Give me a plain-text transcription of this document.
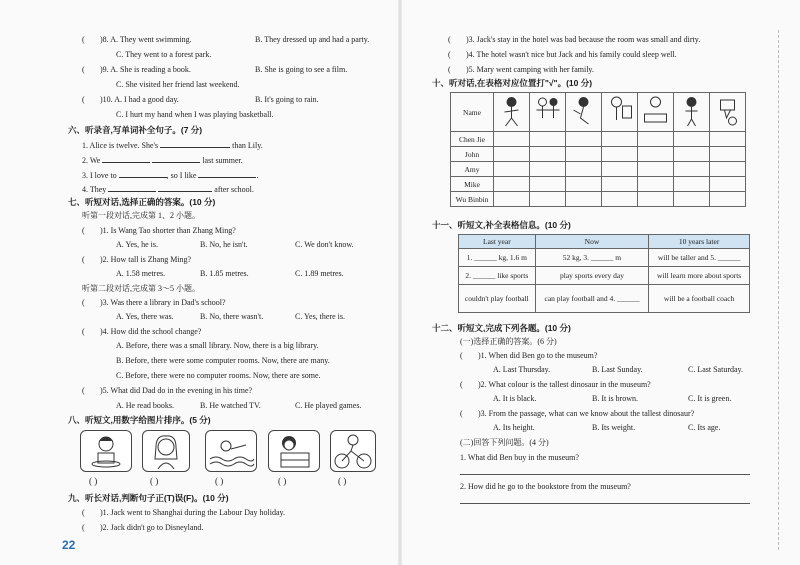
( )8. A. They went swimming.	B. They dressed up and had a party.
C. They went to a forest park.
( )9. A. She is reading a book.	B. She is going to see a film.
C. She visited her friend last weekend.
( )10. A. I had a good day.	B. It's going to rain.
C. I hurt my hand when I was playing basketball.
六、听录音,写单词补全句子。(7 分)
1. Alice is twelve. She's	than Lily.
2. We	last summer.
3. I love to	, so I like	.
4. They	after school.
七、听短对话,选择正确的答案。(10 分)
听第一段对话,完成第 1、2 小题。
( )1. Is Wang Tao shorter than Zhang Ming?
A. Yes, he is.	B. No, he isn't.	C. We don't know.
( )2. How tall is Zhang Ming?
A. 1.58 metres.	B. 1.85 metres.	C. 1.89 metres.
听第二段对话,完成第 3～5 小题。
( )3. Was there a library in Dad's school?
A. Yes, there was.	B. No, there wasn't.	C. Yes, there is.
( )4. How did the school change?
A. Before, there was a small library. Now, there is a big library.
B. Before, there were some computer rooms. Now, there are many.
C. Before, there were no computer rooms. Now, there are some.
( )5. What did Dad do in the evening in his time?
A. He read books.	B. He watched TV.	C. He played games.
八、听短文,用数字给图片排序。(5 分)
( )	( )	( )	( )	( )
九、听长对话,判断句子正(T)误(F)。(10 分)
( )1. Jack went to Shanghai during the Labour Day holiday.
( )2. Jack didn't go to Disneyland.
22
( )3. Jack's stay in the hotel was bad because the room was small and dirty.
( )4. The hotel wasn't nice but Jack and his family could sleep well.
( )5. Mary went camping with her family.
十、听对话,在表格对应位置打"√"。(10 分)
Name							
Chen Jie							
John							
Amy							
Mike							
Wu Binbin							
十一、听短文,补全表格信息。(10 分)
Last year	Now	10 years later
1. ______ kg, 1.6 m	52 kg, 3. ______ m	will be taller and 5. ______
2. ______ like sports	play sports every day	will learn more about sports
couldn't play football	can play football and 4. ______	will be a football coach
十二、听短文,完成下列各题。(10 分)
(一)选择正确的答案。(6 分)
( )1. When did Ben go to the museum?
A. Last Thursday.	B. Last Sunday.	C. Last Saturday.
( )2. What colour is the tallest dinosaur in the museum?
A. It is black.	B. It is brown.	C. It is green.
( )3. From the passage, what can we know about the tallest dinosaur?
A. Its height.	B. Its weight.	C. Its age.
(二)回答下列问题。(4 分)
1. What did Ben buy in the museum?
2. How did he go to the bookstore from the museum?
